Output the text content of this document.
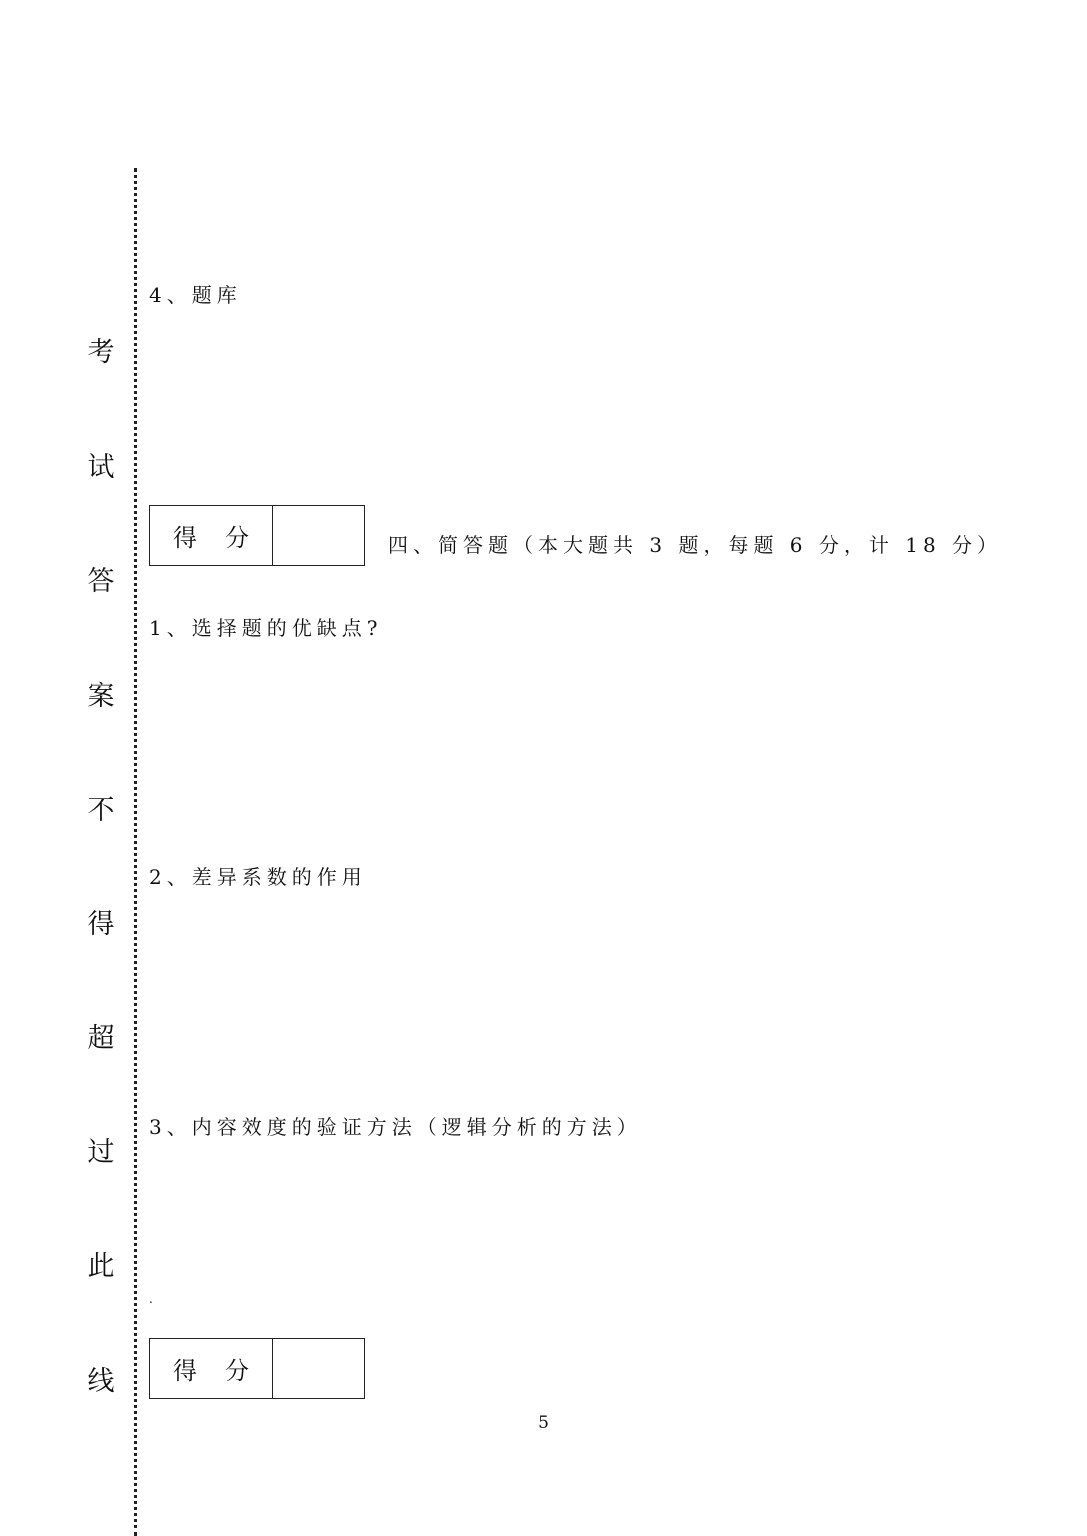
考
试
答
案
不
得
超
过
此
线
4、题库
得 分	四、简答题（本大题共 3 题，每题 6 分，计 18 分）
1、选择题的优缺点?
2、差异系数的作用
3、内容效度的验证方法（逻辑分析的方法）
.
得 分
5
